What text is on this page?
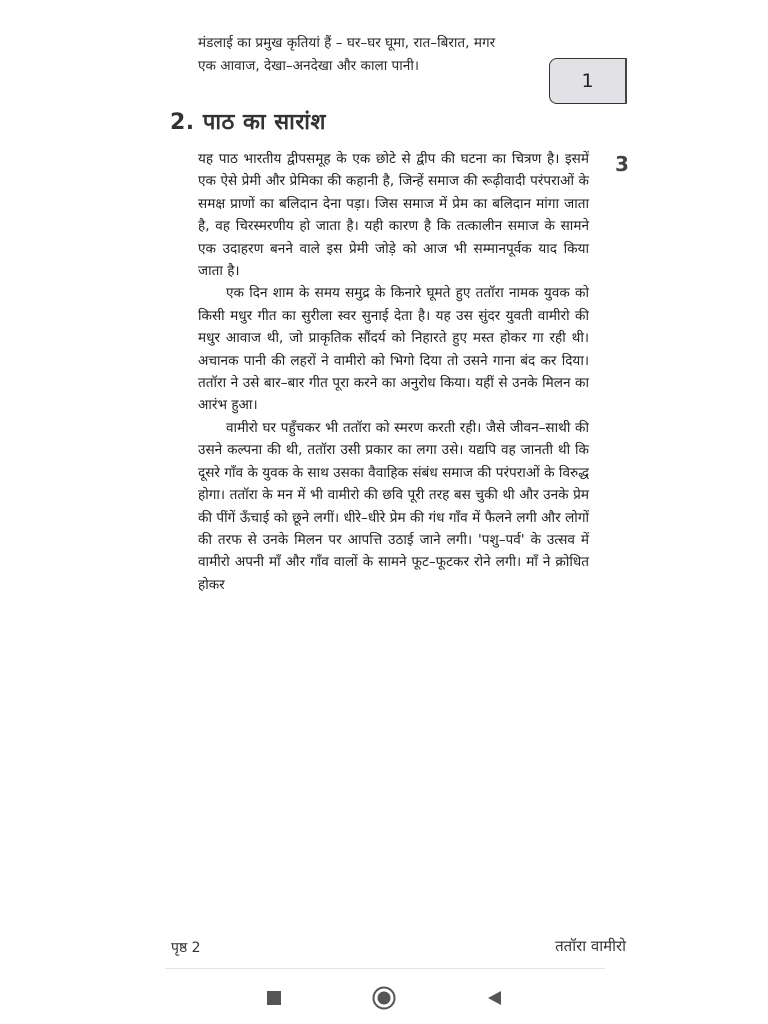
मंडलाई का प्रमुख कृतियां हैं – घर–घर घूमा, रात–बिरात, मगर
एक आवाज, देखा–अनदेखा और काला पानी।
1
2. पाठ का सारांश
3

यह पाठ भारतीय द्वीपसमूह के एक छोटे से द्वीप की घटना का चित्रण है। इसमें एक ऐसे प्रेमी और प्रेमिका की कहानी है, जिन्हें समाज की रूढ़ीवादी परंपराओं के समक्ष प्राणों का बलिदान देना पड़ा। जिस समाज में प्रेम का बलिदान मांगा जाता है, वह चिरस्मरणीय हो जाता है। यही कारण है कि तत्कालीन समाज के सामने एक उदाहरण बनने वाले इस प्रेमी जोड़े को आज भी सम्मानपूर्वक याद किया जाता है।

एक दिन शाम के समय समुद्र के किनारे घूमते हुए ततॉरा नामक युवक को किसी मधुर गीत का सुरीला स्वर सुनाई देता है। यह उस सुंदर युवती वामीरो की मधुर आवाज थी, जो प्राकृतिक सौंदर्य को निहारते हुए मस्त होकर गा रही थी। अचानक पानी की लहरों ने वामीरो को भिगो दिया तो उसने गाना बंद कर दिया। ततॉरा ने उसे बार–बार गीत पूरा करने का अनुरोध किया। यहीं से उनके मिलन का आरंभ हुआ।

वामीरो घर पहुँचकर भी ततॉरा को स्मरण करती रही। जैसे जीवन–साथी की उसने कल्पना की थी, ततॉरा उसी प्रकार का लगा उसे। यद्यपि वह जानती थी कि दूसरे गाँव के युवक के साथ उसका वैवाहिक संबंध समाज की परंपराओं के विरुद्ध होगा। ततॉरा के मन में भी वामीरो की छवि पूरी तरह बस चुकी थी और उनके प्रेम की पींगें ऊँचाई को छूने लगीं। धीरे–धीरे प्रेम की गंध गाँव में फैलने लगी और लोगों की तरफ से उनके मिलन पर आपत्ति उठाई जाने लगी। 'पशु–पर्व' के उत्सव में वामीरो अपनी माँ और गाँव वालों के सामने फूट–फूटकर रोने लगी। माँ ने क्रोधित होकर

पृष्ठ 2	ततॉरा वामीरो
